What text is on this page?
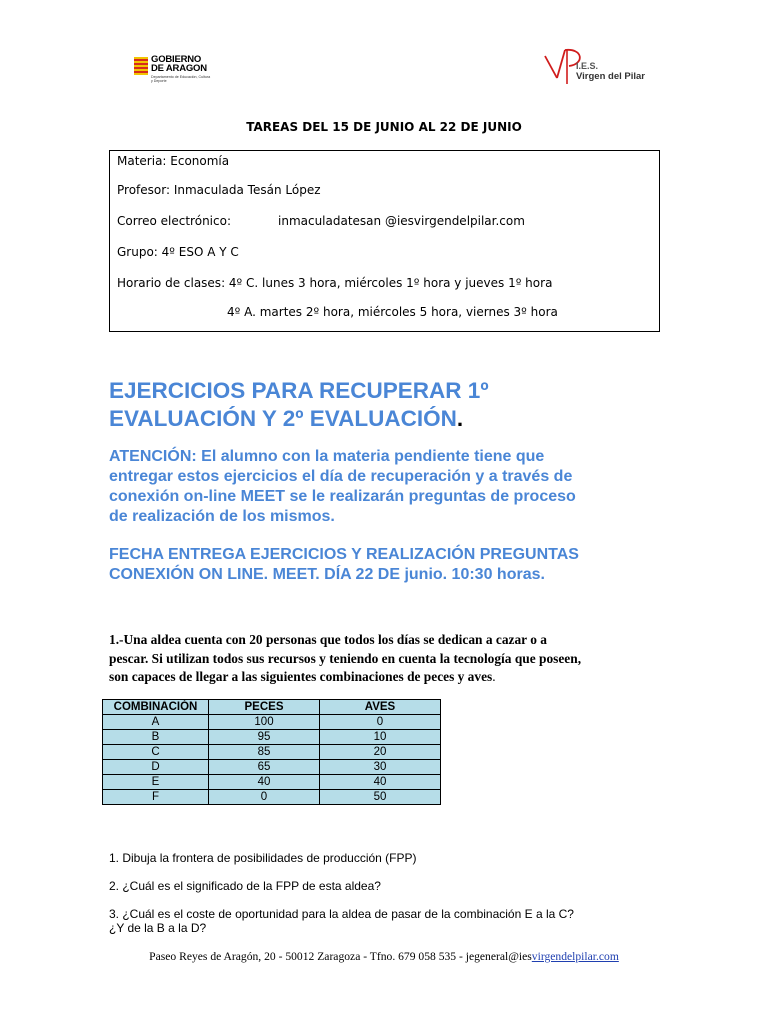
GOBIERNO
DE ARAGON
Departamento de Educación, Cultura y Deporte
I.E.S.
Virgen del Pilar
TAREAS DEL 15 DE JUNIO AL 22 DE JUNIO
Materia: Economía
Profesor: Inmaculada Tesán López
Correo electrónico:	inmaculadatesan @iesvirgendelpilar.com
Grupo: 4º ESO A Y C
Horario de clases: 4º C. lunes 3 hora, miércoles 1º hora y jueves 1º hora
4º A. martes 2º hora, miércoles 5 hora, viernes 3º hora
EJERCICIOS PARA RECUPERAR 1º
EVALUACIÓN Y 2º EVALUACIÓN.
ATENCIÓN: El alumno con la materia pendiente tiene que
entregar estos ejercicios el día de recuperación y a través de
conexión on-line MEET se le realizarán preguntas de proceso
de realización de los mismos.
FECHA ENTREGA EJERCICIOS Y REALIZACIÓN PREGUNTAS
CONEXIÓN ON LINE. MEET. DÍA 22 DE junio. 10:30 horas.
1.-Una aldea cuenta con 20 personas que todos los días se dedican a cazar o a
pescar. Si utilizan todos sus recursos y teniendo en cuenta la tecnología que poseen,
son capaces de llegar a las siguientes combinaciones de peces y aves.
COMBINACIÓN	PECES	AVES
A	100	0
B	95	10
C	85	20
D	65	30
E	40	40
F	0	50
1. Dibuja la frontera de posibilidades de producción (FPP)
2. ¿Cuál es el significado de la FPP de esta aldea?
3. ¿Cuál es el coste de oportunidad para la aldea de pasar de la combinación E a la C?
¿Y de la B a la D?
Paseo Reyes de Aragón, 20 - 50012 Zaragoza - Tfno. 679 058 535 - jegeneral@iesvirgendelpilar.com
